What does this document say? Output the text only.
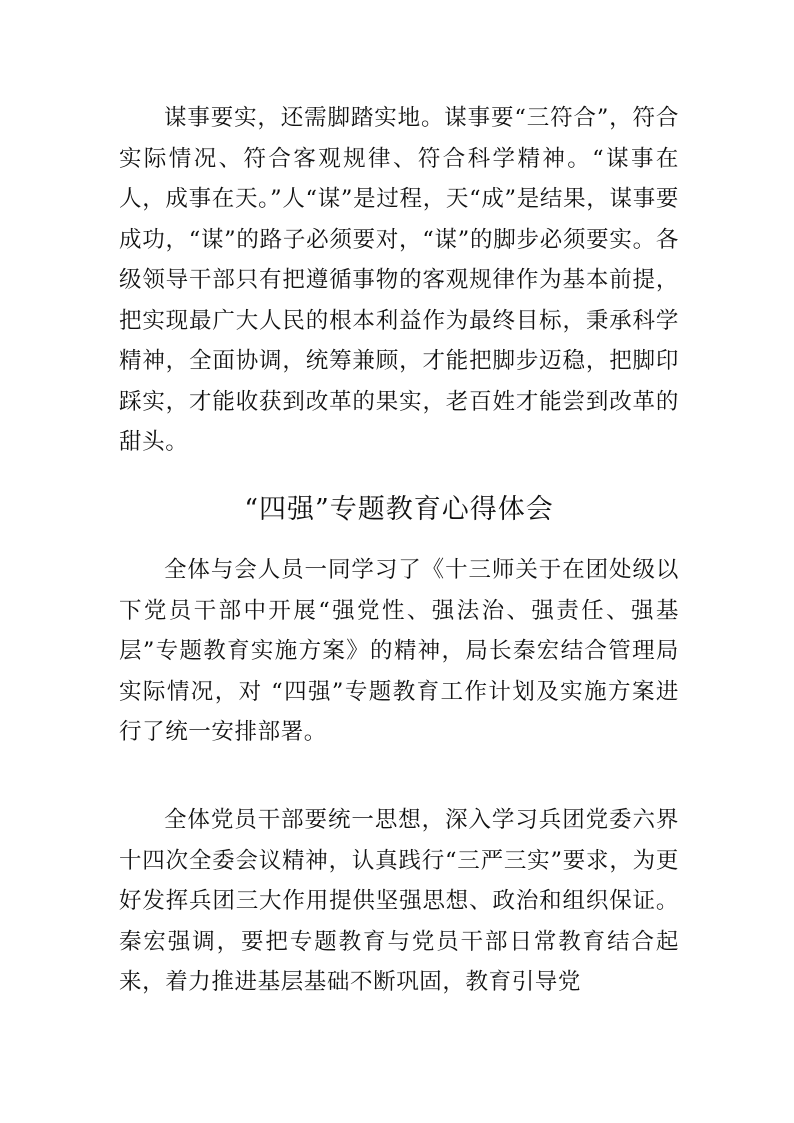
谋事要实，还需脚踏实地。谋事要“三符合”，符合实际情况、符合客观规律、符合科学精神。“谋事在人，成事在天。”人“谋”是过程，天“成”是结果，谋事要成功，“谋”的路子必须要对，“谋”的脚步必须要实。各级领导干部只有把遵循事物的客观规律作为基本前提，把实现最广大人民的根本利益作为最终目标，秉承科学精神，全面协调，统筹兼顾，才能把脚步迈稳，把脚印踩实，才能收获到改革的果实，老百姓才能尝到改革的甜头。

“四强”专题教育心得体会

全体与会人员一同学习了《十三师关于在团处级以下党员干部中开展“强党性、强法治、强责任、强基层”专题教育实施方案》的精神，局长秦宏结合管理局实际情况，对 “四强”专题教育工作计划及实施方案进行了统一安排部署。

全体党员干部要统一思想，深入学习兵团党委六界十四次全委会议精神，认真践行“三严三实”要求，为更好发挥兵团三大作用提供坚强思想、政治和组织保证。秦宏强调，要把专题教育与党员干部日常教育结合起来，着力推进基层基础不断巩固，教育引导党
